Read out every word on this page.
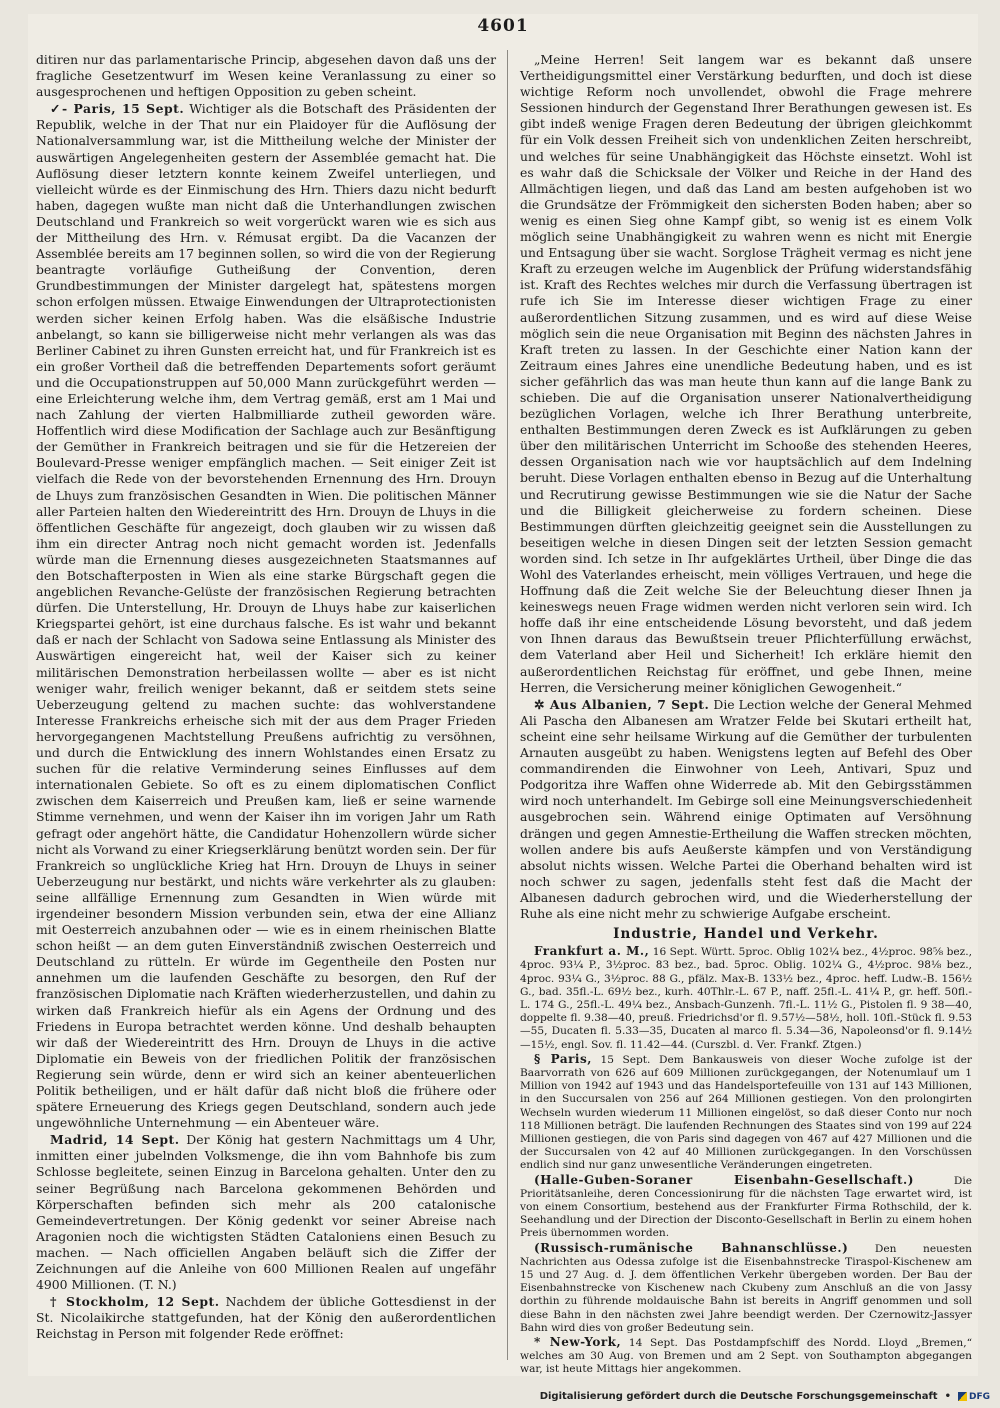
4601

ditiren nur das parlamentarische Princip, abgesehen davon daß uns der fragliche Gesetzentwurf im Wesen keine Veranlassung zu einer so ausgesprochenen und heftigen Opposition zu geben scheint.

✓- Paris, 15 Sept. Wichtiger als die Botschaft des Präsidenten der Republik, welche in der That nur ein Plaidoyer für die Auflösung der Nationalversammlung war, ist die Mittheilung welche der Minister der auswärtigen Angelegenheiten gestern der Assemblée gemacht hat. Die Auflösung dieser letztern konnte keinem Zweifel unterliegen, und vielleicht würde es der Einmischung des Hrn. Thiers dazu nicht bedurft haben, dagegen wußte man nicht daß die Unterhandlungen zwischen Deutschland und Frankreich so weit vorgerückt waren wie es sich aus der Mittheilung des Hrn. v. Rémusat ergibt. Da die Vacanzen der Assemblée bereits am 17 beginnen sollen, so wird die von der Regierung beantragte vorläufige Gutheißung der Convention, deren Grundbestimmungen der Minister dargelegt hat, spätestens morgen schon erfolgen müssen. Etwaige Einwendungen der Ultraprotectionisten werden sicher keinen Erfolg haben. Was die elsäßische Industrie anbelangt, so kann sie billigerweise nicht mehr verlangen als was das Berliner Cabinet zu ihren Gunsten erreicht hat, und für Frankreich ist es ein großer Vortheil daß die betreffenden Departements sofort geräumt und die Occupationstruppen auf 50,000 Mann zurückgeführt werden — eine Erleichterung welche ihm, dem Vertrag gemäß, erst am 1 Mai und nach Zahlung der vierten Halbmilliarde zutheil geworden wäre. Hoffentlich wird diese Modification der Sachlage auch zur Besänftigung der Gemüther in Frankreich beitragen und sie für die Hetzereien der Boulevard-Presse weniger empfänglich machen. — Seit einiger Zeit ist vielfach die Rede von der bevorstehenden Ernennung des Hrn. Drouyn de Lhuys zum französischen Gesandten in Wien. Die politischen Männer aller Parteien halten den Wiedereintritt des Hrn. Drouyn de Lhuys in die öffentlichen Geschäfte für angezeigt, doch glauben wir zu wissen daß ihm ein directer Antrag noch nicht gemacht worden ist. Jedenfalls würde man die Ernennung dieses ausgezeichneten Staatsmannes auf den Botschafterposten in Wien als eine starke Bürgschaft gegen die angeblichen Revanche-Gelüste der französischen Regierung betrachten dürfen. Die Unterstellung, Hr. Drouyn de Lhuys habe zur kaiserlichen Kriegspartei gehört, ist eine durchaus falsche. Es ist wahr und bekannt daß er nach der Schlacht von Sadowa seine Entlassung als Minister des Auswärtigen eingereicht hat, weil der Kaiser sich zu keiner militärischen Demonstration herbeilassen wollte — aber es ist nicht weniger wahr, freilich weniger bekannt, daß er seitdem stets seine Ueberzeugung geltend zu machen suchte: das wohlverstandene Interesse Frankreichs erheische sich mit der aus dem Prager Frieden hervorgegangenen Machtstellung Preußens aufrichtig zu versöhnen, und durch die Entwicklung des innern Wohlstandes einen Ersatz zu suchen für die relative Verminderung seines Einflusses auf dem internationalen Gebiete. So oft es zu einem diplomatischen Conflict zwischen dem Kaiserreich und Preußen kam, ließ er seine warnende Stimme vernehmen, und wenn der Kaiser ihn im vorigen Jahr um Rath gefragt oder angehört hätte, die Candidatur Hohenzollern würde sicher nicht als Vorwand zu einer Kriegserklärung benützt worden sein. Der für Frankreich so unglückliche Krieg hat Hrn. Drouyn de Lhuys in seiner Ueberzeugung nur bestärkt, und nichts wäre verkehrter als zu glauben: seine allfällige Ernennung zum Gesandten in Wien würde mit irgendeiner besondern Mission verbunden sein, etwa der eine Allianz mit Oesterreich anzubahnen oder — wie es in einem rheinischen Blatte schon heißt — an dem guten Einverständniß zwischen Oesterreich und Deutschland zu rütteln. Er würde im Gegentheile den Posten nur annehmen um die laufenden Geschäfte zu besorgen, den Ruf der französischen Diplomatie nach Kräften wiederherzustellen, und dahin zu wirken daß Frankreich hiefür als ein Agens der Ordnung und des Friedens in Europa betrachtet werden könne. Und deshalb behaupten wir daß der Wiedereintritt des Hrn. Drouyn de Lhuys in die active Diplomatie ein Beweis von der friedlichen Politik der französischen Regierung sein würde, denn er wird sich an keiner abenteuerlichen Politik betheiligen, und er hält dafür daß nicht bloß die frühere oder spätere Erneuerung des Kriegs gegen Deutschland, sondern auch jede ungewöhnliche Unternehmung — ein Abenteuer wäre.

Madrid, 14 Sept. Der König hat gestern Nachmittags um 4 Uhr, inmitten einer jubelnden Volksmenge, die ihn vom Bahnhofe bis zum Schlosse begleitete, seinen Einzug in Barcelona gehalten. Unter den zu seiner Begrüßung nach Barcelona gekommenen Behörden und Körperschaften befinden sich mehr als 200 catalonische Gemeindevertretungen. Der König gedenkt vor seiner Abreise nach Aragonien noch die wichtigsten Städten Cataloniens einen Besuch zu machen. — Nach officiellen Angaben beläuft sich die Ziffer der Zeichnungen auf die Anleihe von 600 Millionen Realen auf ungefähr 4900 Millionen. (T. N.)

† Stockholm, 12 Sept. Nachdem der übliche Gottesdienst in der St. Nicolaikirche stattgefunden, hat der König den außerordentlichen Reichstag in Person mit folgender Rede eröffnet:

„Meine Herren! Seit langem war es bekannt daß unsere Vertheidigungsmittel einer Verstärkung bedurften, und doch ist diese wichtige Reform noch unvollendet, obwohl die Frage mehrere Sessionen hindurch der Gegenstand Ihrer Berathungen gewesen ist. Es gibt indeß wenige Fragen deren Bedeutung der übrigen gleichkommt für ein Volk dessen Freiheit sich von undenklichen Zeiten herschreibt, und welches für seine Unabhängigkeit das Höchste einsetzt. Wohl ist es wahr daß die Schicksale der Völker und Reiche in der Hand des Allmächtigen liegen, und daß das Land am besten aufgehoben ist wo die Grundsätze der Frömmigkeit den sichersten Boden haben; aber so wenig es einen Sieg ohne Kampf gibt, so wenig ist es einem Volk möglich seine Unabhängigkeit zu wahren wenn es nicht mit Energie und Entsagung über sie wacht. Sorglose Trägheit vermag es nicht jene Kraft zu erzeugen welche im Augenblick der Prüfung widerstandsfähig ist. Kraft des Rechtes welches mir durch die Verfassung übertragen ist rufe ich Sie im Interesse dieser wichtigen Frage zu einer außerordentlichen Sitzung zusammen, und es wird auf diese Weise möglich sein die neue Organisation mit Beginn des nächsten Jahres in Kraft treten zu lassen. In der Geschichte einer Nation kann der Zeitraum eines Jahres eine unendliche Bedeutung haben, und es ist sicher gefährlich das was man heute thun kann auf die lange Bank zu schieben. Die auf die Organisation unserer Nationalvertheidigung bezüglichen Vorlagen, welche ich Ihrer Berathung unterbreite, enthalten Bestimmungen deren Zweck es ist Aufklärungen zu geben über den militärischen Unterricht im Schooße des stehenden Heeres, dessen Organisation nach wie vor hauptsächlich auf dem Indelning beruht. Diese Vorlagen enthalten ebenso in Bezug auf die Unterhaltung und Recrutirung gewisse Bestimmungen wie sie die Natur der Sache und die Billigkeit gleicherweise zu fordern scheinen. Diese Bestimmungen dürften gleichzeitig geeignet sein die Ausstellungen zu beseitigen welche in diesen Dingen seit der letzten Session gemacht worden sind. Ich setze in Ihr aufgeklärtes Urtheil, über Dinge die das Wohl des Vaterlandes erheischt, mein völliges Vertrauen, und hege die Hoffnung daß die Zeit welche Sie der Beleuchtung dieser Ihnen ja keineswegs neuen Frage widmen werden nicht verloren sein wird. Ich hoffe daß ihr eine entscheidende Lösung bevorsteht, und daß jedem von Ihnen daraus das Bewußtsein treuer Pflichterfüllung erwächst, dem Vaterland aber Heil und Sicherheit! Ich erkläre hiemit den außerordentlichen Reichstag für eröffnet, und gebe Ihnen, meine Herren, die Versicherung meiner königlichen Gewogenheit.“

✲ Aus Albanien, 7 Sept. Die Lection welche der General Mehmed Ali Pascha den Albanesen am Wratzer Felde bei Skutari ertheilt hat, scheint eine sehr heilsame Wirkung auf die Gemüther der turbulenten Arnauten ausgeübt zu haben. Wenigstens legten auf Befehl des Ober commandirenden die Einwohner von Leeh, Antivari, Spuz und Podgoritza ihre Waffen ohne Widerrede ab. Mit den Gebirgsstämmen wird noch unterhandelt. Im Gebirge soll eine Meinungsverschiedenheit ausgebrochen sein. Während einige Optimaten auf Versöhnung drängen und gegen Amnestie-Ertheilung die Waffen strecken möchten, wollen andere bis aufs Aeußerste kämpfen und von Verständigung absolut nichts wissen. Welche Partei die Oberhand behalten wird ist noch schwer zu sagen, jedenfalls steht fest daß die Macht der Albanesen dadurch gebrochen wird, und die Wiederherstellung der Ruhe als eine nicht mehr zu schwierige Aufgabe erscheint.

Industrie, Handel und Verkehr.

Frankfurt a. M., 16 Sept. Württ. 5proc. Oblig 102¼ bez., 4½proc. 98⅝ bez., 4proc. 93¼ P., 3½proc. 83 bez., bad. 5proc. Oblig. 102¼ G., 4½proc. 98⅛ bez., 4proc. 93¼ G., 3½proc. 88 G., pfälz. Max-B. 133½ bez., 4proc. heff. Ludw.-B. 156½ G., bad. 35fl.-L. 69½ bez., kurh. 40Thlr.-L. 67 P., naff. 25fl.-L. 41¼ P., gr. heff. 50fl.-L. 174 G., 25fl.-L. 49¼ bez., Ansbach-Gunzenh. 7fl.-L. 11½ G., Pistolen fl. 9 38—40, doppelte fl. 9.38—40, preuß. Friedrichsd'or fl. 9.57½—58½, holl. 10fl.-Stück fl. 9.53—55, Ducaten fl. 5.33—35, Ducaten al marco fl. 5.34—36, Napoleonsd'or fl. 9.14½—15½, engl. Sov. fl. 11.42—44. (Curszbl. d. Ver. Frankf. Ztgen.)

§ Paris, 15 Sept. Dem Bankausweis von dieser Woche zufolge ist der Baarvorrath von 626 auf 609 Millionen zurückgegangen, der Notenumlauf um 1 Million von 1942 auf 1943 und das Handelsportefeuille von 131 auf 143 Millionen, in den Succursalen von 256 auf 264 Millionen gestiegen. Von den prolongirten Wechseln wurden wiederum 11 Millionen eingelöst, so daß dieser Conto nur noch 118 Millionen beträgt. Die laufenden Rechnungen des Staates sind von 199 auf 224 Millionen gestiegen, die von Paris sind dagegen von 467 auf 427 Millionen und die der Succursalen von 42 auf 40 Millionen zurückgegangen. In den Vorschüssen endlich sind nur ganz unwesentliche Veränderungen eingetreten.

(Halle-Guben-Soraner Eisenbahn-Gesellschaft.)	Die Prioritätsanleihe, deren Concessionirung für die nächsten Tage erwartet wird, ist von einem Consortium, bestehend aus der Frankfurter Firma Rothschild, der k. Seehandlung und der Direction der Disconto-Gesellschaft in Berlin zu einem hohen Preis übernommen worden.

(Russisch-rumänische Bahnanschlüsse.)	Den neuesten Nachrichten aus Odessa zufolge ist die Eisenbahnstrecke Tiraspol-Kischenew am 15 und 27 Aug. d. J. dem öffentlichen Verkehr übergeben worden. Der Bau der Eisenbahnstrecke von Kischenew nach Ckubeny zum Anschluß an die von Jassy dorthin zu führende moldauische Bahn ist bereits in Angriff genommen und soll diese Bahn in den nächsten zwei Jahre beendigt werden. Der Czernowitz-Jassyer Bahn wird dies von großer Bedeutung sein.

* New-York, 14 Sept. Das Postdampfschiff des Nordd. Lloyd „Bremen,“ welches am 30 Aug. von Bremen und am 2 Sept. von Southampton abgegangen war, ist heute Mittags hier angekommen.

Digitalisierung gefördert durch die Deutsche Forschungsgemeinschaft • DFG
